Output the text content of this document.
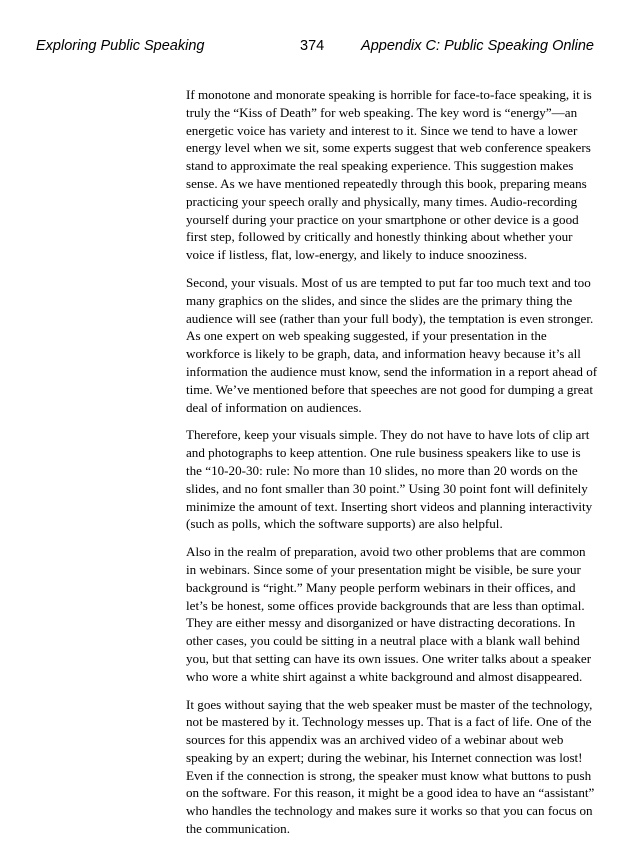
Exploring Public Speaking	374	Appendix C: Public Speaking Online

If monotone and monorate speaking is horrible for face-to-face speaking, it is truly the “Kiss of Death” for web speaking. The key word is “energy”—an energetic voice has variety and interest to it. Since we tend to have a lower energy level when we sit, some experts suggest that web conference speakers stand to approximate the real speaking experience. This suggestion makes sense. As we have mentioned repeatedly through this book, preparing means practicing your speech orally and physically, many times. Audio-recording yourself during your practice on your smartphone or other device is a good first step, followed by critically and honestly thinking about whether your voice if listless, flat, low-energy, and likely to induce snooziness.

Second, your visuals. Most of us are tempted to put far too much text and too many graphics on the slides, and since the slides are the primary thing the audience will see (rather than your full body), the temptation is even stronger. As one expert on web speaking suggested, if your presentation in the workforce is likely to be graph, data, and information heavy because it’s all information the audience must know, send the information in a report ahead of time. We’ve mentioned before that speeches are not good for dumping a great deal of information on audiences.

Therefore, keep your visuals simple. They do not have to have lots of clip art and photographs to keep attention. One rule business speakers like to use is the “10-20-30: rule: No more than 10 slides, no more than 20 words on the slides, and no font smaller than 30 point.” Using 30 point font will definitely minimize the amount of text. Inserting short videos and planning interactivity (such as polls, which the software supports) are also helpful.

Also in the realm of preparation, avoid two other problems that are common in webinars. Since some of your presentation might be visible, be sure your background is “right.” Many people perform webinars in their offices, and let’s be honest, some offices provide backgrounds that are less than optimal. They are either messy and disorganized or have distracting decorations. In other cases, you could be sitting in a neutral place with a blank wall behind you, but that setting can have its own issues. One writer talks about a speaker who wore a white shirt against a white background and almost disappeared.

It goes without saying that the web speaker must be master of the technology, not be mastered by it. Technology messes up. That is a fact of life. One of the sources for this appendix was an archived video of a webinar about web speaking by an expert; during the webinar, his Internet connection was lost! Even if the connection is strong, the speaker must know what buttons to push on the software. For this reason, it might be a good idea to have an “assistant” who handles the technology and makes sure it works so that you can focus on the communication.
